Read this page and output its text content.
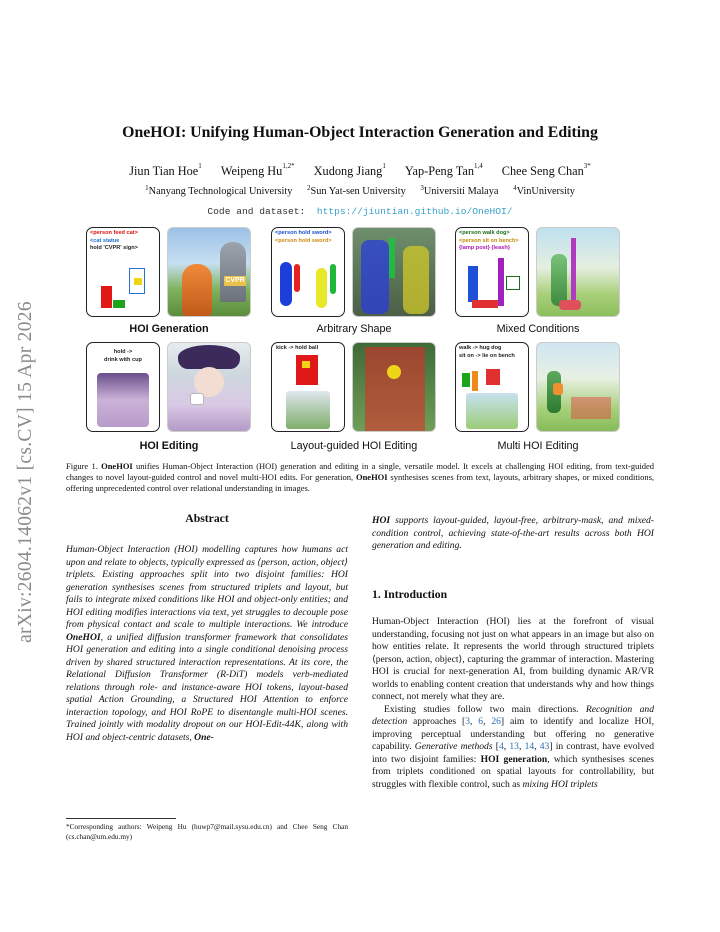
arXiv:2604.14062v1 [cs.CV] 15 Apr 2026
OneHOI: Unifying Human-Object Interaction Generation and Editing
Jiun Tian Hoe$^1$ Weipeng $Hu^{1,2*}$ Xudong Jiang$^1$ Yap-Peng Tan$^{1,4}$ Chee Seng Chan$^{3*}$
$^1$Nanyang Technological University $^2$Sun Yat-sen University $^3$Universiti Malaya $^4$VinUniversity
Code and dataset: https://jiuntian.github.io/OneHOI/
<person feed cat>
<cat statue
hold 'CVPR' sign>
CVPR
HOI Generation
<person hold sword>
<person hold sword>
Arbitrary Shape
<person walk dog>
<person sit on bench>
{lamp post} {leash}
Mixed Conditions
hold ->
drink with cup
HOI Editing
kick -> hold ball
Layout-guided HOI Editing
walk -> hug dog
sit on -> lie on bench
Multi HOI Editing
Figure 1. OneHOI unifies Human-Object Interaction (HOI) generation and editing in a single, versatile model. It excels at challenging HOI editing, from text-guided changes to novel layout-guided control and novel multi-HOI edits. For generation, OneHOI synthesises scenes from text, layouts, arbitrary shapes, or mixed conditions, offering unprecedented control over relational understanding in images.
Abstract
Human-Object Interaction (HOI) modelling captures how humans act upon and relate to objects, typically expressed as ⟨person, action, object⟩ triplets. Existing approaches split into two disjoint families: HOI generation synthesises scenes from structured triplets and layout, but fails to integrate mixed conditions like HOI and object-only entities; and HOI editing modifies interactions via text, yet struggles to decouple pose from physical contact and scale to multiple interactions. We introduce OneHOI, a unified diffusion transformer framework that consolidates HOI generation and editing into a single conditional denoising process driven by shared structured interaction representations. At its core, the Relational Diffusion Transformer (R-DiT) models verb-mediated relations through role- and instance-aware HOI tokens, layout-based spatial Action Grounding, a Structured HOI Attention to enforce interaction topology, and HOI RoPE to disentangle multi-HOI scenes. Trained jointly with modality dropout on our HOI-Edit-44K, along with HOI and object-centric datasets, One-
*Corresponding authors: Weipeng Hu (huwp7@mail.sysu.edu.cn) and Chee Seng Chan (cs.chan@um.edu.my)
HOI supports layout-guided, layout-free, arbitrary-mask, and mixed-condition control, achieving state-of-the-art results across both HOI generation and editing.
1. Introduction
Human-Object Interaction (HOI) lies at the forefront of visual understanding, focusing not just on what appears in an image but also on how entities relate. It represents the world through structured triplets ⟨person, action, object⟩, capturing the grammar of interaction. Mastering HOI is crucial for next-generation AI, from building dynamic AR/VR worlds to enabling content creation that understands why and how things connect, not merely what they are.
Existing studies follow two main directions. Recognition and detection approaches [3, 6, 26] aim to identify and localize HOI, improving perceptual understanding but offering no generative capability. Generative methods [4, 13, 14, 43] in contrast, have evolved into two disjoint families: HOI generation, which synthesises scenes from triplets conditioned on spatial layouts for controllability, but struggles with flexible control, such as mixing HOI triplets
